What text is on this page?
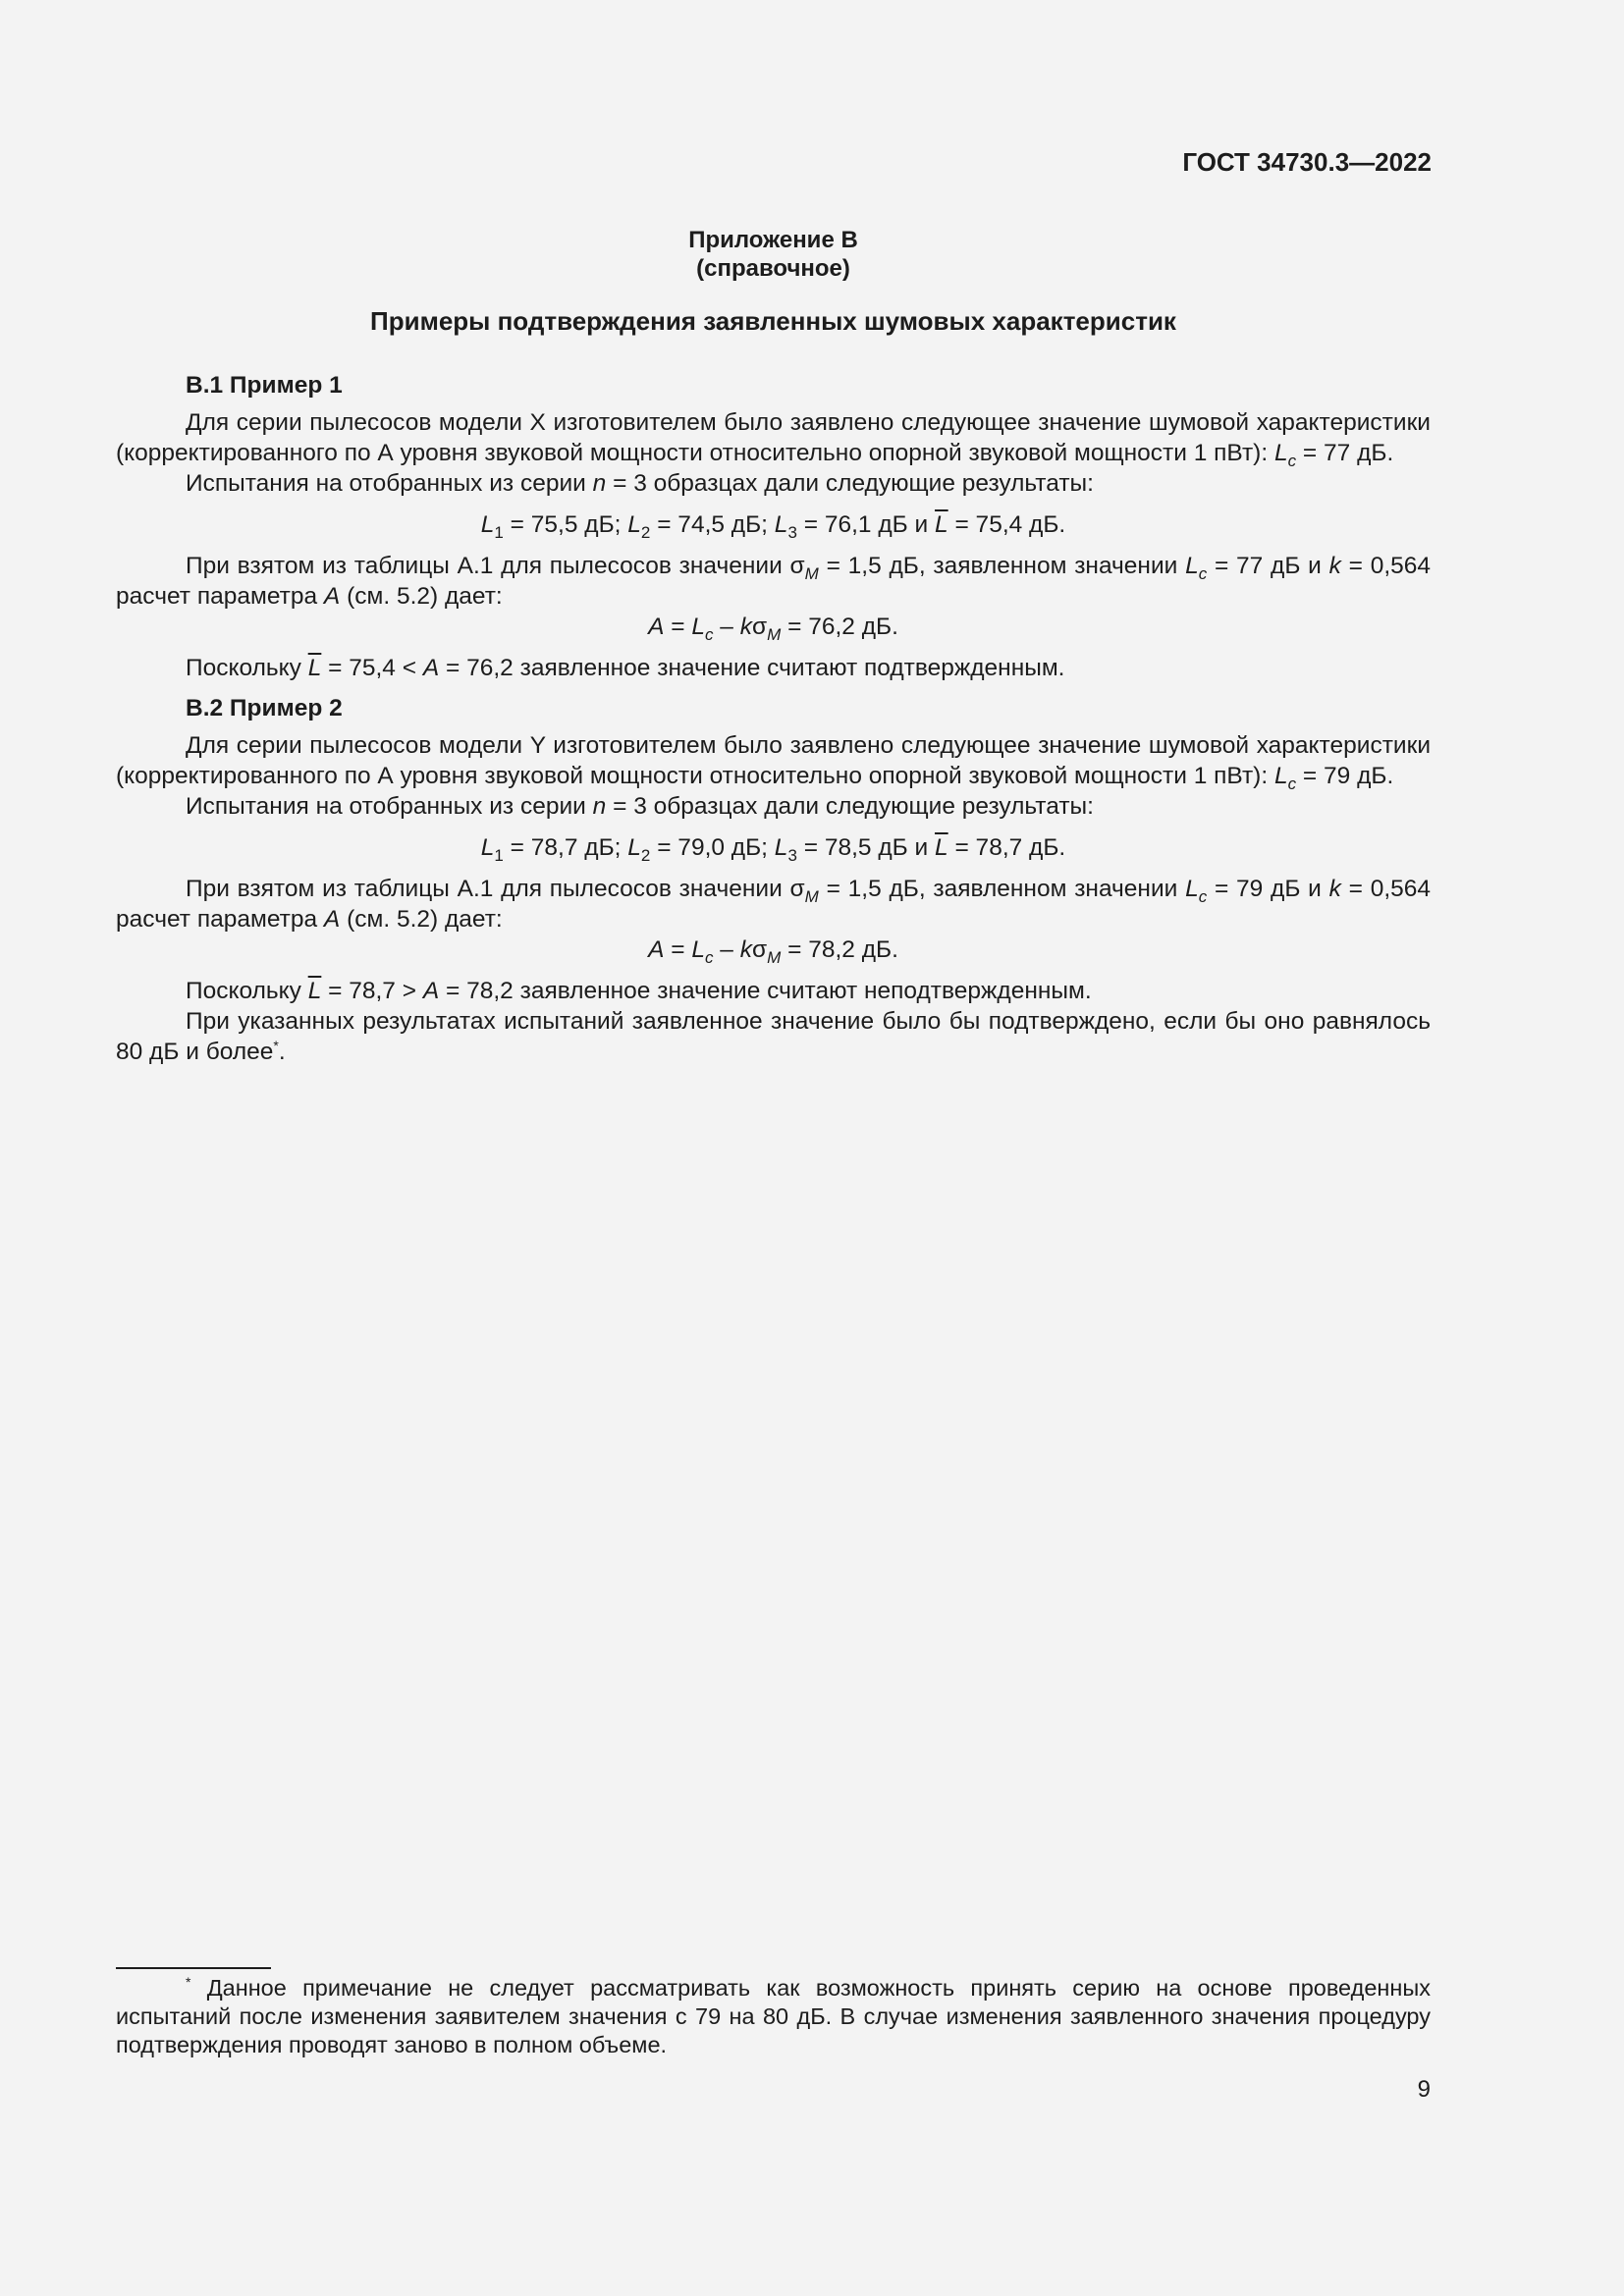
ГОСТ 34730.3—2022
Приложение В
(справочное)
Примеры подтверждения заявленных шумовых характеристик
В.1 Пример 1

Для серии пылесосов модели X изготовителем было заявлено следующее значение шумовой характеристики (корректированного по А уровня звуковой мощности относительно опорной звуковой мощности 1 пВт): $L_c = 77$ дБ.

Испытания на отобранных из серии n = 3 образцах дали следующие результаты:

$L_1 = 75,5$ дБ; $L_2 = 74,5$ дБ; $L_3 = 76,1$ дБ и $\overline{L} = 75,4$ дБ.

При взятом из таблицы А.1 для пылесосов значении $\sigma_M = 1,5$ дБ, заявленном значении $L_c = 77$ дБ и k = 0,564 расчет параметра A (см. 5.2) дает:

$A = L_c - k\sigma_M = 76,2$ дБ.

Поскольку $\overline{L} = 75,4 < A = 76,2$ заявленное значение считают подтвержденным.

В.2 Пример 2

Для серии пылесосов модели Y изготовителем было заявлено следующее значение шумовой характеристики (корректированного по А уровня звуковой мощности относительно опорной звуковой мощности 1 пВт): $L_c = 79$ дБ.

Испытания на отобранных из серии n = 3 образцах дали следующие результаты:

$L_1 = 78,7$ дБ; $L_2 = 79,0$ дБ; $L_3 = 78,5$ дБ и $\overline{L} = 78,7$ дБ.

При взятом из таблицы А.1 для пылесосов значении $\sigma_M = 1,5$ дБ, заявленном значении $L_c = 79$ дБ и k = 0,564 расчет параметра A (см. 5.2) дает:

$A = L_c - k\sigma_M = 78,2$ дБ.

Поскольку $\overline{L} = 78,7 > A = 78,2$ заявленное значение считают неподтвержденным.

При указанных результатах испытаний заявленное значение было бы подтверждено, если бы оно равнялось 80 дБ и более*.

* Данное примечание не следует рассматривать как возможность принять серию на основе проведенных испытаний после изменения заявителем значения с 79 на 80 дБ. В случае изменения заявленного значения процедуру подтверждения проводят заново в полном объеме.

9
